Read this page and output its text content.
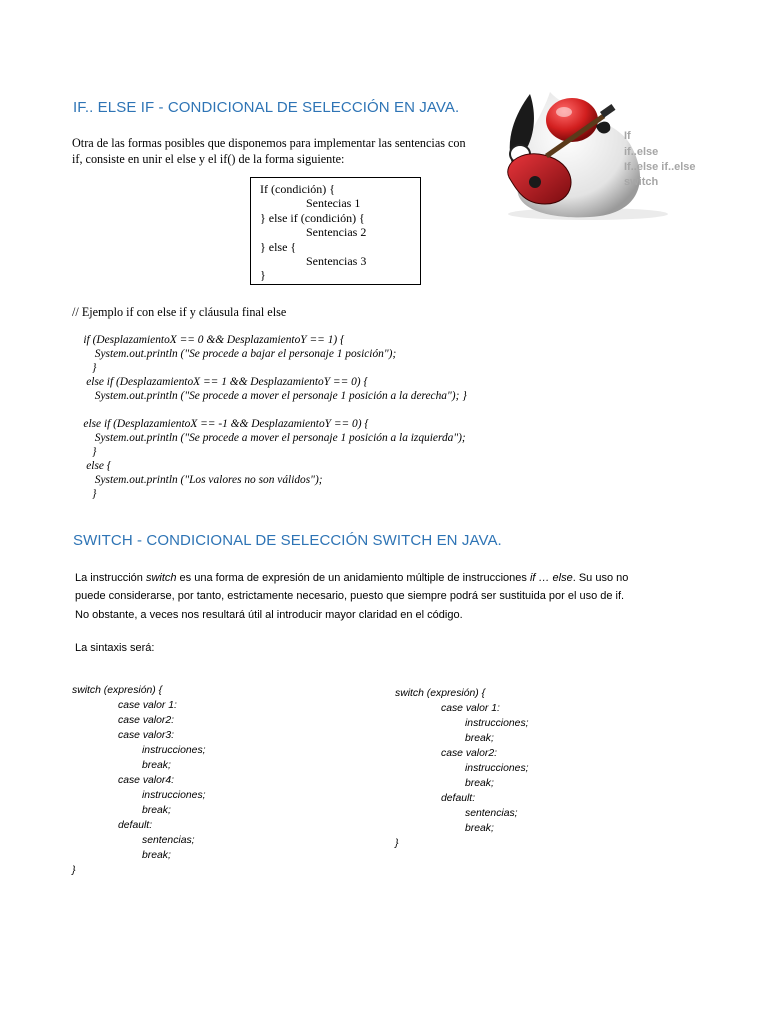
IF.. ELSE IF - CONDICIONAL DE SELECCIÓN EN JAVA.
Otra de las formas posibles que disponemos para implementar las sentencias con
if, consiste en unir el else y el if() de la forma siguiente:
If (condición) {
Sentecias 1
} else if (condición) {
Sentencias 2
} else {
Sentencias 3
}
If
if..else
If..else if..else
switch
// Ejemplo if con else if y cláusula final else
if (DesplazamientoX == 0 && DesplazamientoY == 1) {
System.out.println ("Se procede a bajar el personaje 1 posición");
}
else if (DesplazamientoX == 1 && DesplazamientoY == 0) {
System.out.println ("Se procede a mover el personaje 1 posición a la derecha"); }
else if (DesplazamientoX == -1 && DesplazamientoY == 0) {
System.out.println ("Se procede a mover el personaje 1 posición a la izquierda");
}
else {
System.out.println ("Los valores no son válidos");
}
SWITCH - CONDICIONAL DE SELECCIÓN SWITCH EN JAVA.
La instrucción switch es una forma de expresión de un anidamiento múltiple de instrucciones if … else. Su uso no
puede considerarse, por tanto, estrictamente necesario, puesto que siempre podrá ser sustituida por el uso de if.
No obstante, a veces nos resultará útil al introducir mayor claridad en el código.
La sintaxis será:
switch (expresión) {
case valor 1:
case valor2:
case valor3:
instrucciones;
break;
case valor4:
instrucciones;
break;
default:
sentencias;
break;
}
switch (expresión) {
case valor 1:
instrucciones;
break;
case valor2:
instrucciones;
break;
default:
sentencias;
break;
}
